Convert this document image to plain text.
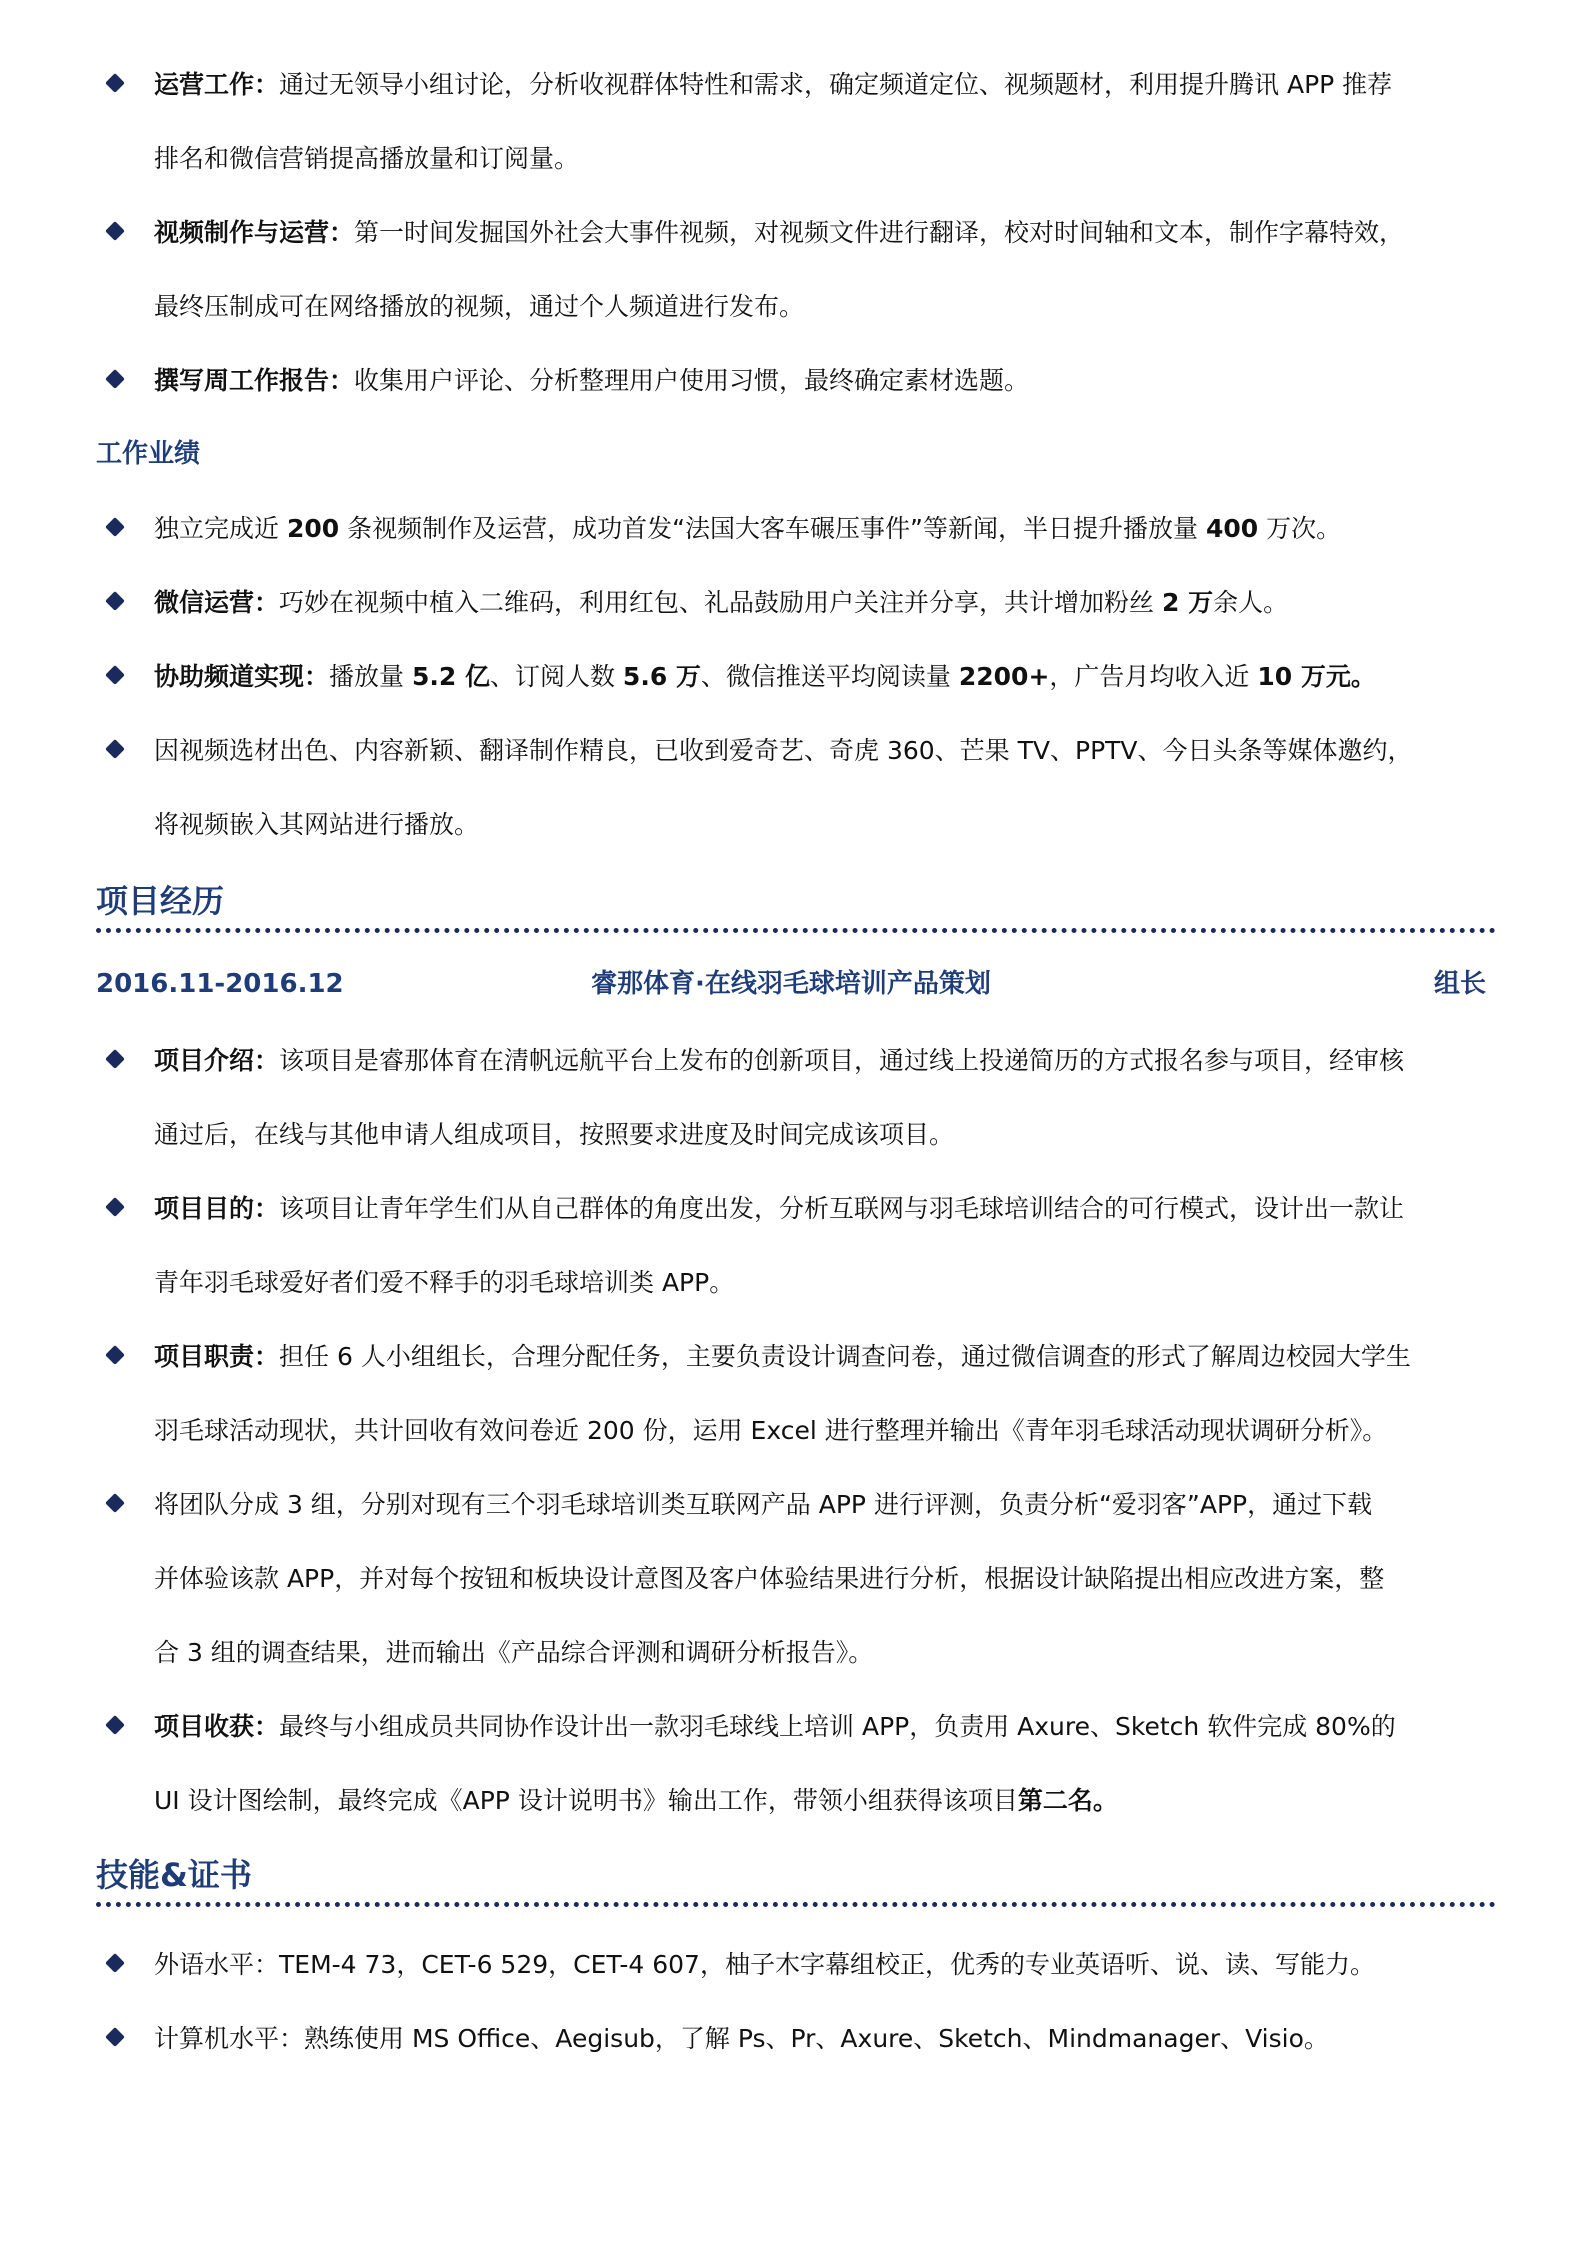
运营工作：通过无领导小组讨论，分析收视群体特性和需求，确定频道定位、视频题材，利用提升腾讯 APP 推荐
排名和微信营销提高播放量和订阅量。
视频制作与运营：第一时间发掘国外社会大事件视频，对视频文件进行翻译，校对时间轴和文本，制作字幕特效，
最终压制成可在网络播放的视频，通过个人频道进行发布。
撰写周工作报告：收集用户评论、分析整理用户使用习惯，最终确定素材选题。
工作业绩
独立完成近 200 条视频制作及运营，成功首发“法国大客车碾压事件”等新闻，半日提升播放量 400 万次。
微信运营：巧妙在视频中植入二维码，利用红包、礼品鼓励用户关注并分享，共计增加粉丝 2 万余人。
协助频道实现：播放量 5.2 亿、订阅人数 5.6 万、微信推送平均阅读量 2200+，广告月均收入近 10 万元。
因视频选材出色、内容新颖、翻译制作精良，已收到爱奇艺、奇虎 360、芒果 TV、PPTV、今日头条等媒体邀约，
将视频嵌入其网站进行播放。
项目经历
睿那体育·在线羽毛球培训产品策划
2016.11-2016.12	组长
项目介绍：该项目是睿那体育在清帆远航平台上发布的创新项目，通过线上投递简历的方式报名参与项目，经审核
通过后，在线与其他申请人组成项目，按照要求进度及时间完成该项目。
项目目的：该项目让青年学生们从自己群体的角度出发，分析互联网与羽毛球培训结合的可行模式，设计出一款让
青年羽毛球爱好者们爱不释手的羽毛球培训类 APP。
项目职责：担任 6 人小组组长，合理分配任务，主要负责设计调查问卷，通过微信调查的形式了解周边校园大学生
羽毛球活动现状，共计回收有效问卷近 200 份，运用 Excel 进行整理并输出《青年羽毛球活动现状调研分析》。
将团队分成 3 组，分别对现有三个羽毛球培训类互联网产品 APP 进行评测，负责分析“爱羽客”APP，通过下载
并体验该款 APP，并对每个按钮和板块设计意图及客户体验结果进行分析，根据设计缺陷提出相应改进方案，整
合 3 组的调查结果，进而输出《产品综合评测和调研分析报告》。
项目收获：最终与小组成员共同协作设计出一款羽毛球线上培训 APP，负责用 Axure、Sketch 软件完成 80%的
UI 设计图绘制，最终完成《APP 设计说明书》输出工作，带领小组获得该项目第二名。
技能&证书
外语水平：TEM-4 73，CET-6 529，CET-4 607，柚子木字幕组校正，优秀的专业英语听、说、读、写能力。
计算机水平：熟练使用 MS Office、Aegisub，了解 Ps、Pr、Axure、Sketch、Mindmanager、Visio。
